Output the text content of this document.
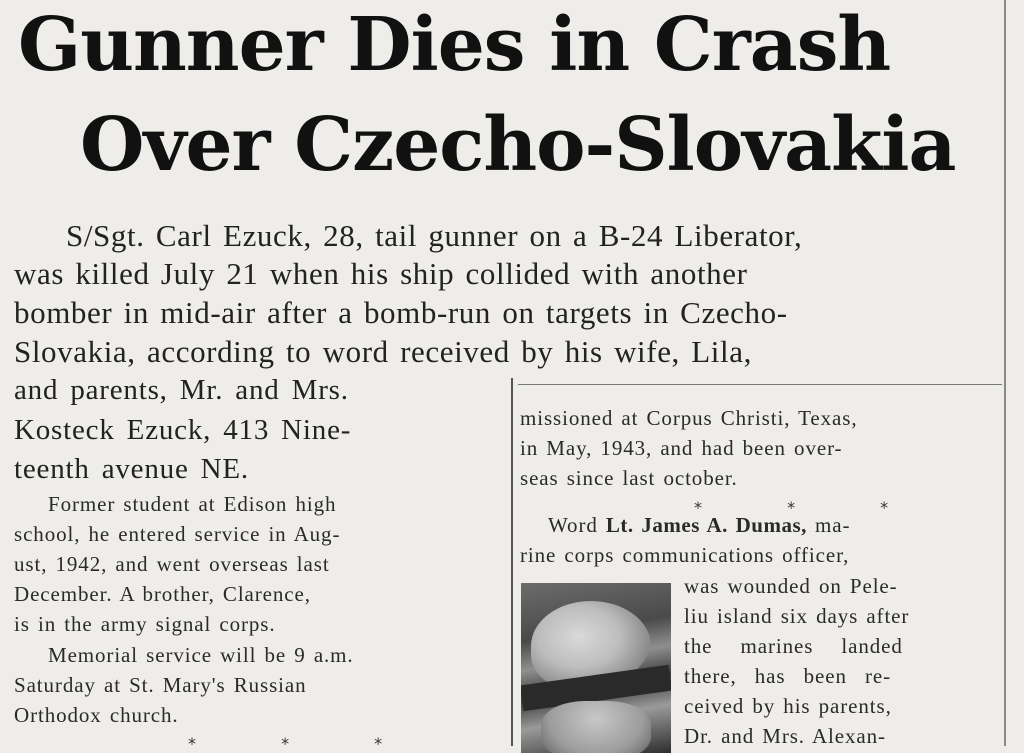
Gunner Dies in Crash
Over Czecho-Slovakia

S/Sgt. Carl Ezuck, 28, tail gunner on a B-24 Liberator,

was killed July 21 when his ship collided with another

bomber in mid-air after a bomb-run on targets in Czecho-

Slovakia, according to word received by his wife, Lila,

and parents, Mr. and Mrs.

Kosteck Ezuck, 413 Nine-

teenth avenue NE.

Former student at Edison high

school, he entered service in Aug-

ust, 1942, and went overseas last

December. A brother, Clarence,

is in the army signal corps.

Memorial service will be 9 a.m.

Saturday at St. Mary's Russian

Orthodox church.

* * *

missioned at Corpus Christi, Texas,

in May, 1943, and had been over-

seas since last october.

* * *

Word Lt. James A. Dumas, ma-

rine corps communications officer,

was wounded on Pele-

liu island six days after

the marines landed

there, has been re-

ceived by his parents,

Dr. and Mrs. Alexan-
